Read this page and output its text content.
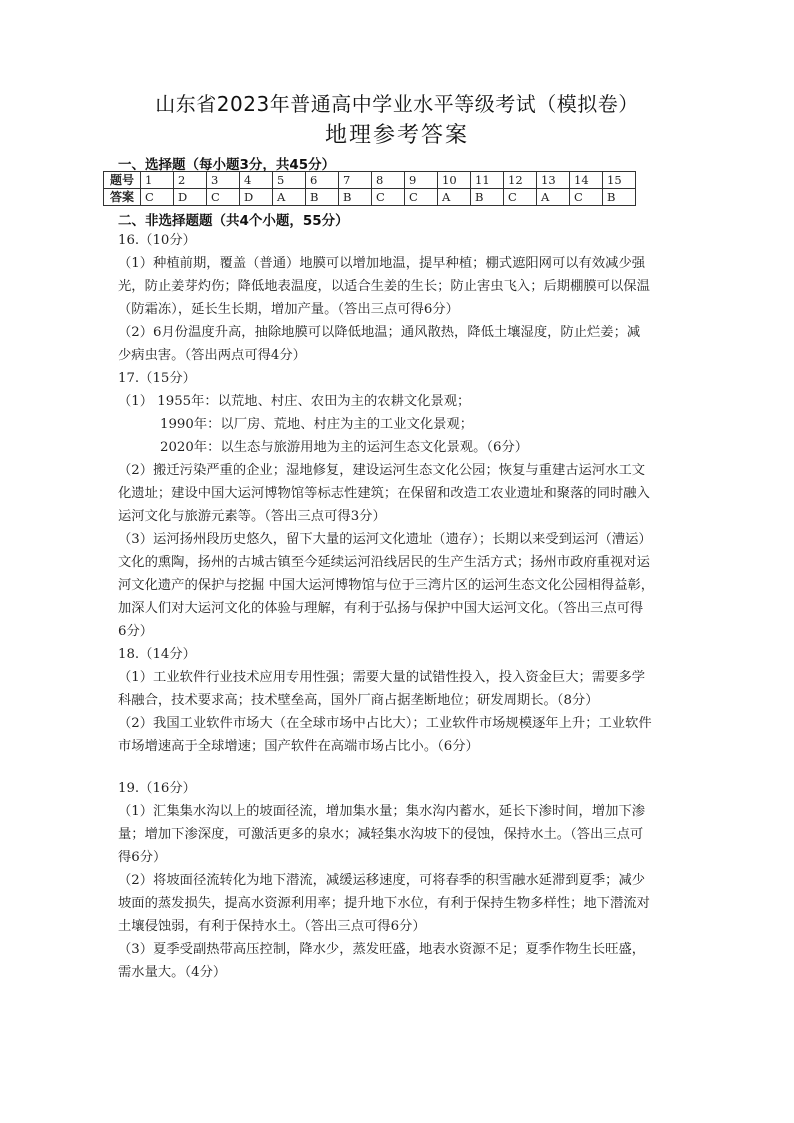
山东省2023年普通高中学业水平等级考试（模拟卷）
地理参考答案
一、选择题（每小题3分，共45分）
题号	1	2	3	4	5	6	7	8	9	10	11	12	13	14	15
答案	C	D	C	D	A	B	B	C	C	A	B	C	A	C	B
二、非选择题题（共4个小题，55分）
16.（10分）
（1）种植前期，覆盖（普通）地膜可以增加地温，提早种植；棚式遮阳网可以有效减少强
光，防止姜芽灼伤；降低地表温度，以适合生姜的生长；防止害虫飞入；后期棚膜可以保温
（防霜冻），延长生长期，增加产量。（答出三点可得6分）
（2）6月份温度升高，抽除地膜可以降低地温；通风散热，降低土壤湿度，防止烂姜；减
少病虫害。（答出两点可得4分）
17.（15分）
（1） 1955年：以荒地、村庄、农田为主的农耕文化景观；
1990年：以厂房、荒地、村庄为主的工业文化景观；
2020年：以生态与旅游用地为主的运河生态文化景观。（6分）
（2）搬迁污染严重的企业；湿地修复，建设运河生态文化公园；恢复与重建古运河水工文
化遗址；建设中国大运河博物馆等标志性建筑；在保留和改造工农业遗址和聚落的同时融入
运河文化与旅游元素等。（答出三点可得3分）
（3）运河扬州段历史悠久，留下大量的运河文化遗址（遗存）；长期以来受到运河（漕运）
文化的熏陶，扬州的古城古镇至今延续运河沿线居民的生产生活方式；扬州市政府重视对运
河文化遗产的保护与挖掘 中国大运河博物馆与位于三湾片区的运河生态文化公园相得益彰，
加深人们对大运河文化的体验与理解，有利于弘扬与保护中国大运河文化。（答出三点可得
6分）
18.（14分）
（1）工业软件行业技术应用专用性强；需要大量的试错性投入，投入资金巨大；需要多学
科融合，技术要求高；技术壁垒高，国外厂商占据垄断地位；研发周期长。（8分）
（2）我国工业软件市场大（在全球市场中占比大）；工业软件市场规模逐年上升；工业软件
市场增速高于全球增速；国产软件在高端市场占比小。（6分）
19.（16分）
（1）汇集集水沟以上的坡面径流，增加集水量；集水沟内蓄水，延长下渗时间，增加下渗
量；增加下渗深度，可激活更多的泉水；减轻集水沟坡下的侵蚀，保持水土。（答出三点可
得6分）
（2）将坡面径流转化为地下潜流，减缓运移速度，可将春季的积雪融水延滞到夏季；减少
坡面的蒸发损失，提高水资源利用率；提升地下水位，有利于保持生物多样性；地下潜流对
土壤侵蚀弱，有利于保持水土。（答出三点可得6分）
（3）夏季受副热带高压控制，降水少，蒸发旺盛，地表水资源不足；夏季作物生长旺盛，
需水量大。（4分）
